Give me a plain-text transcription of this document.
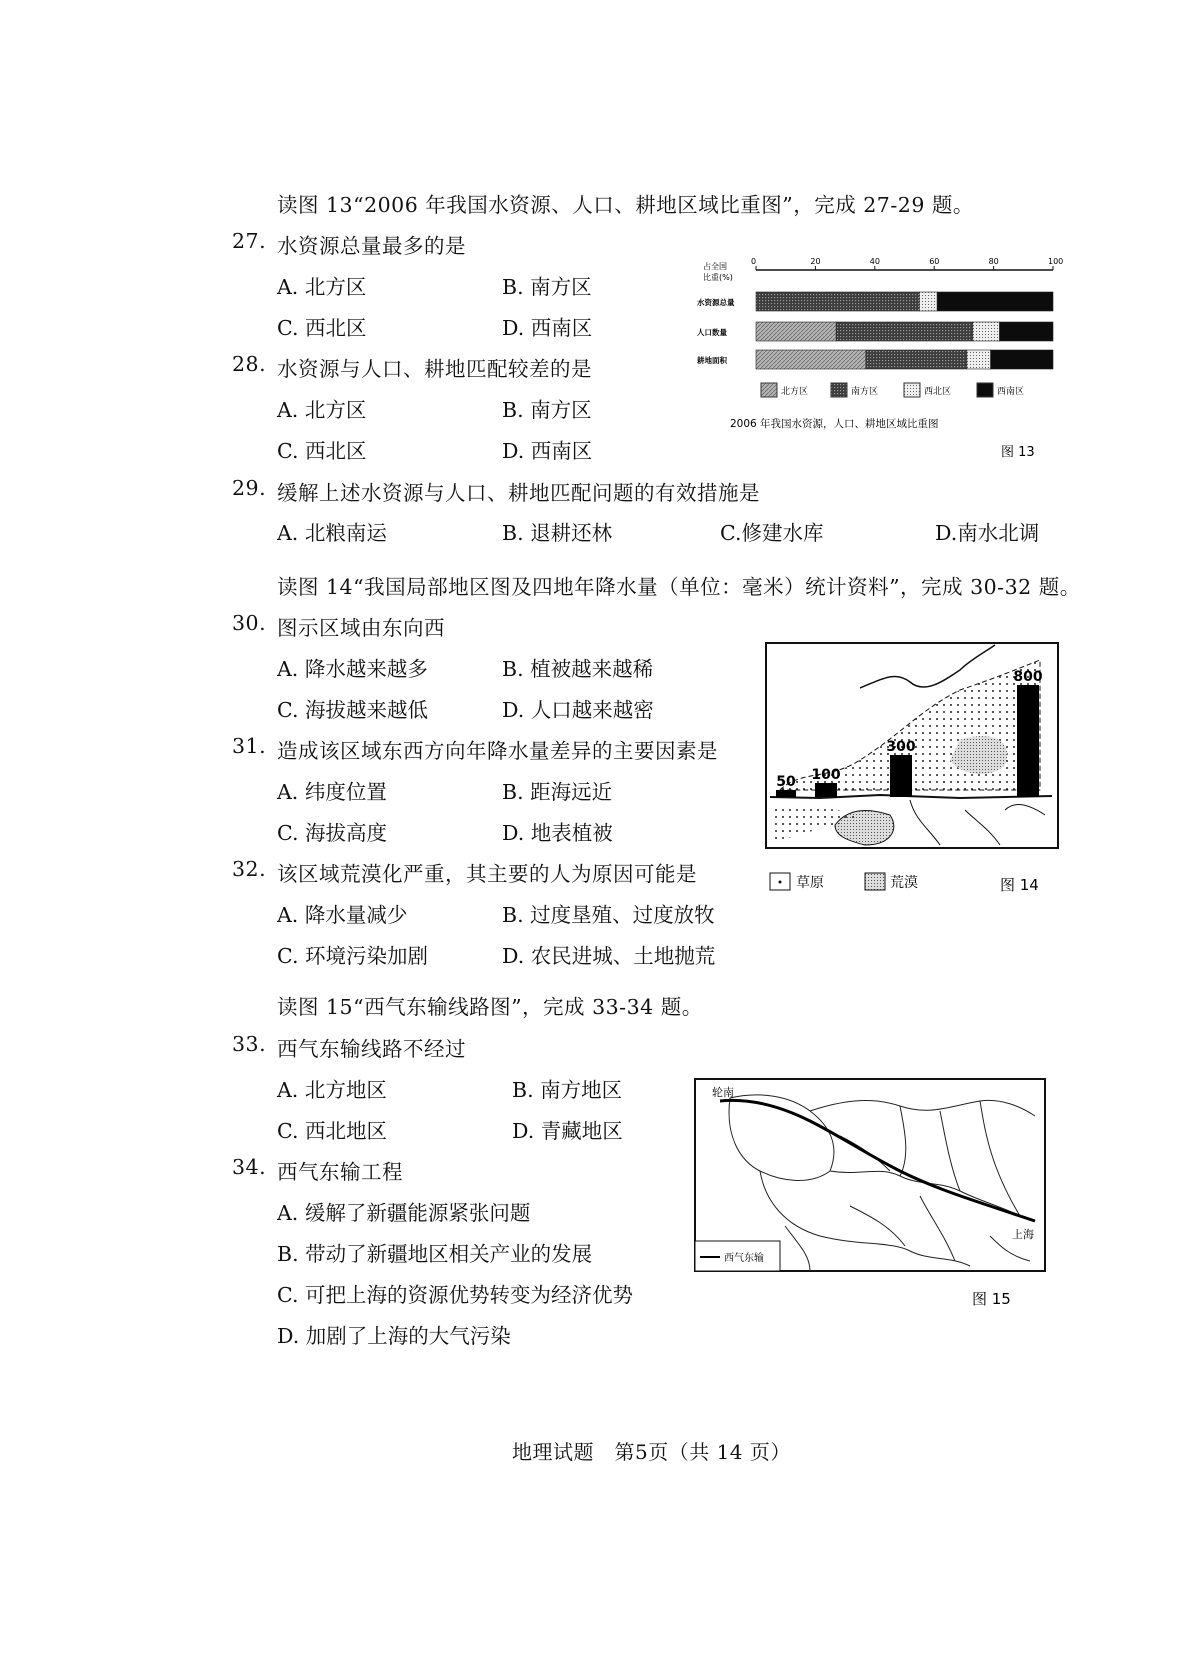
读图 13“2006 年我国水资源、人口、耕地区域比重图”，完成 27-29 题。
27. 水资源总量最多的是
A. 北方区	B. 南方区
C. 西北区	D. 西南区
28. 水资源与人口、耕地匹配较差的是
A. 北方区	B. 南方区
C. 西北区	D. 西南区
29. 缓解上述水资源与人口、耕地匹配问题的有效措施是
A. 北粮南运	B. 退耕还林	C.修建水库	D.南水北调
占全国
比重(%)
0	20	40	60	80	100
水资源总量
人口数量
耕地面积
北方区	南方区	西北区	西南区
2006 年我国水资源，人口、耕地区域比重图
图 13
读图 14“我国局部地区图及四地年降水量（单位：毫米）统计资料”，完成 30-32 题。
30. 图示区域由东向西
A. 降水越来越多	B. 植被越来越稀
C. 海拔越来越低	D. 人口越来越密
31. 造成该区域东西方向年降水量差异的主要因素是
A. 纬度位置	B. 距海远近
C. 海拔高度	D. 地表植被
32. 该区域荒漠化严重，其主要的人为原因可能是
A. 降水量减少	B. 过度垦殖、过度放牧
C. 环境污染加剧	D. 农民进城、土地抛荒
50 100
300
800
草原	荒漠	图 14
读图 15“西气东输线路图”，完成 33-34 题。
33. 西气东输线路不经过
A. 北方地区	B. 南方地区
C. 西北地区	D. 青藏地区
34. 西气东输工程
A. 缓解了新疆能源紧张问题
B. 带动了新疆地区相关产业的发展
C. 可把上海的资源优势转变为经济优势
D. 加剧了上海的大气污染
轮南
上海
西气东输
图 15
地理试题　第5页（共 14 页）
